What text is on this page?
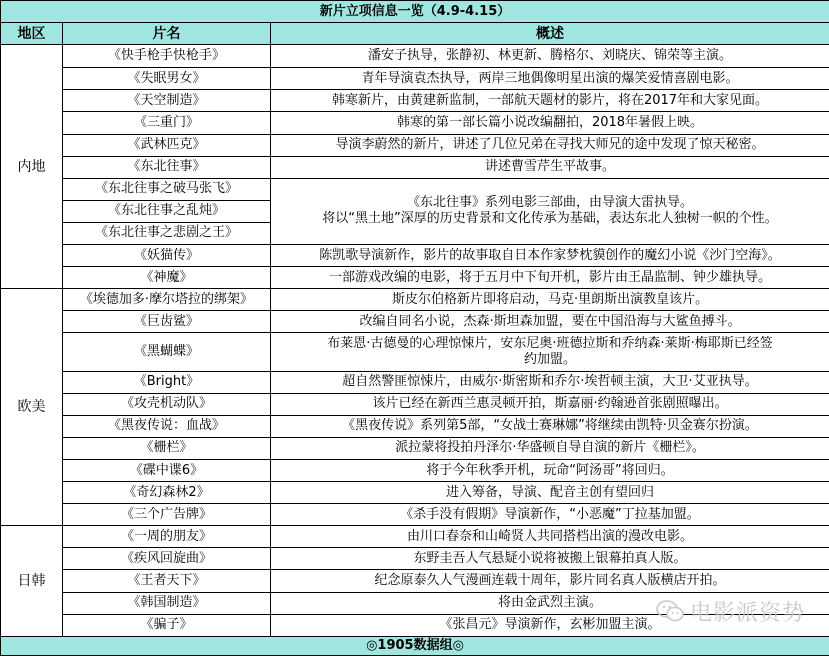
新片立项信息一览（4.9-4.15）		
地区	片名	概述
内地	《快手枪手快枪手》	潘安子执导，张静初、林更新、腾格尔、刘晓庆、锦荣等主演。
	《失眠男女》	青年导演袁杰执导，两岸三地偶像明星出演的爆笑爱情喜剧电影。
	《天空制造》	韩寒新片，由黄建新监制，一部航天题材的影片，将在2017年和大家见面。
	《三重门》	韩寒的第一部长篇小说改编翻拍，2018年暑假上映。
	《武林匹克》	导演李蔚然的新片，讲述了几位兄弟在寻找大师兄的途中发现了惊天秘密。
	《东北往事》	讲述曹雪芹生平故事。
	《东北往事之破马张飞》	《东北往事》系列电影三部曲，由导演大雷执导。
将以“黑土地”深厚的历史背景和文化传承为基础，表达东北人独树一帜的个性。

	《东北往事之乱炖》	
	《东北往事之悲剧之王》	
	《妖猫传》	陈凯歌导演新作，影片的故事取自日本作家梦枕貘创作的魔幻小说《沙门空海》。
	《神魔》	一部游戏改编的电影，将于五月中下旬开机，影片由王晶监制、钟少雄执导。
欧美	《埃德加多·摩尔塔拉的绑架》	斯皮尔伯格新片即将启动，马克·里朗斯出演教皇该片。
	《巨齿鲨》	改编自同名小说，杰森·斯坦森加盟，要在中国沿海与大鲨鱼搏斗。
	《黑蝴蝶》	布莱恩·古德曼的心理惊悚片，安东尼奥·班德拉斯和乔纳森·莱斯·梅耶斯已经签
约加盟。

	《Bright》	超自然警匪惊悚片，由威尔·斯密斯和乔尔·埃哲顿主演，大卫·艾亚执导。
	《攻壳机动队》	该片已经在新西兰惠灵顿开拍，斯嘉丽·约翰逊首张剧照曝出。
	《黑夜传说：血战》	《黑夜传说》系列第5部，“女战士赛琳娜”将继续由凯特·贝金赛尔扮演。
	《栅栏》	派拉蒙将投拍丹泽尔·华盛顿自导自演的新片《栅栏》。
	《碟中谍6》	将于今年秋季开机，玩命“阿汤哥”将回归。
	《奇幻森林2》	进入筹备，导演、配音主创有望回归
	《三个广告牌》	《杀手没有假期》导演新作，“小恶魔”丁拉基加盟。
日韩	《一周的朋友》	由川口春奈和山崎贤人共同搭档出演的漫改电影。
	《疾风回旋曲》	东野圭吾人气悬疑小说将被搬上银幕拍真人版。
	《王者天下》	纪念原泰久人气漫画连载十周年，影片同名真人版横店开拍。
	《韩国制造》	将由金武烈主演。
	《骗子》	《张昌元》导演新作，玄彬加盟主演。
◎1905数据组◎		
电影派资势
